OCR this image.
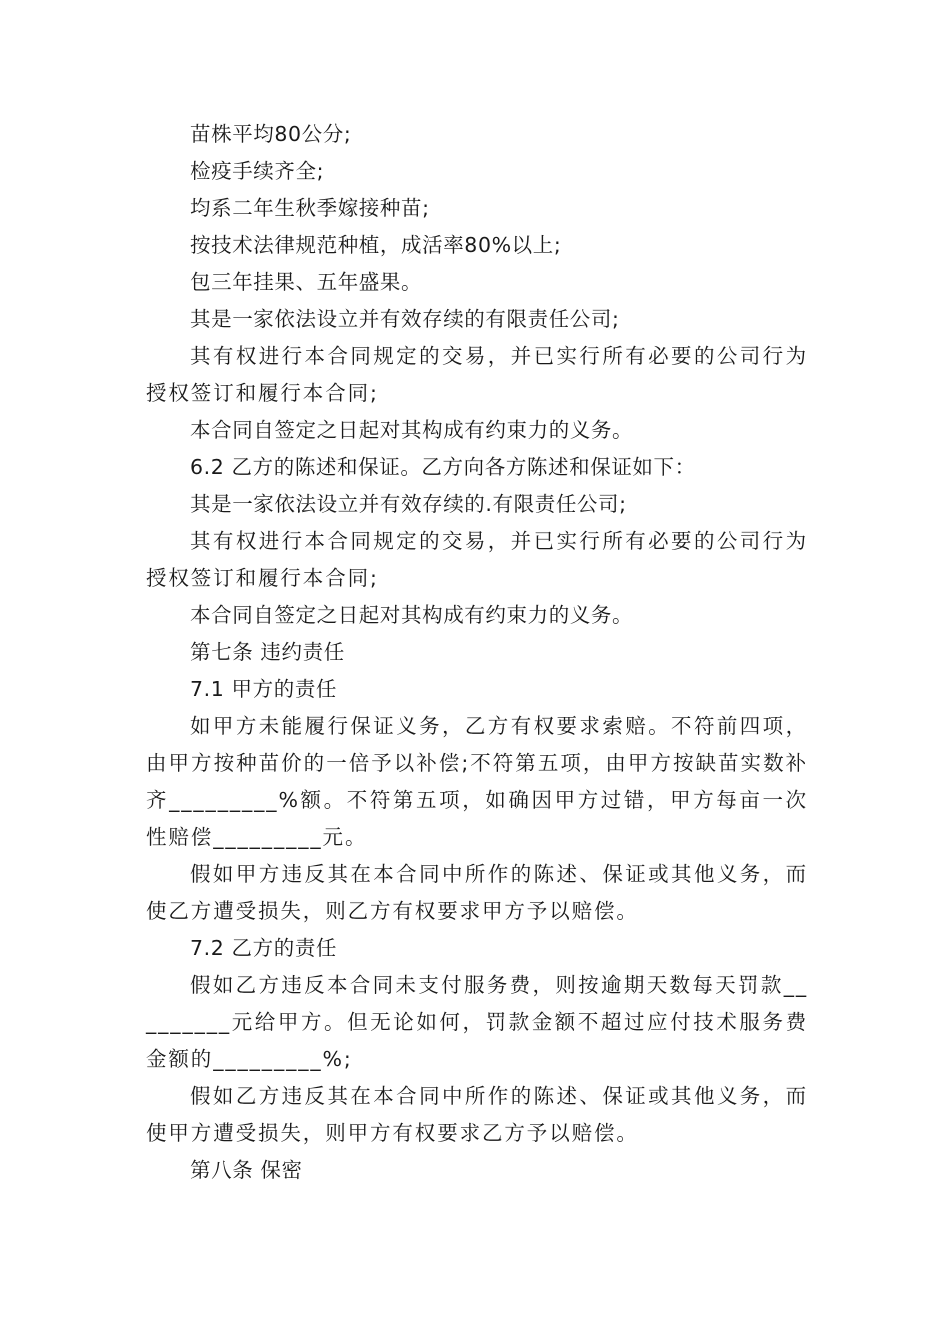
苗株平均80公分;

检疫手续齐全;

均系二年生秋季嫁接种苗;

按技术法律规范种植，成活率80%以上;

包三年挂果、五年盛果。

其是一家依法设立并有效存续的有限责任公司;

其有权进行本合同规定的交易，并已实行所有必要的公司行为授权签订和履行本合同;

本合同自签定之日起对其构成有约束力的义务。

6.2 乙方的陈述和保证。乙方向各方陈述和保证如下：

其是一家依法设立并有效存续的.有限责任公司;

其有权进行本合同规定的交易，并已实行所有必要的公司行为授权签订和履行本合同;

本合同自签定之日起对其构成有约束力的义务。

第七条 违约责任

7.1 甲方的责任

如甲方未能履行保证义务，乙方有权要求索赔。不符前四项，由甲方按种苗价的一倍予以补偿;不符第五项，由甲方按缺苗实数补齐_________%额。不符第五项，如确因甲方过错，甲方每亩一次性赔偿_________元。

假如甲方违反其在本合同中所作的陈述、保证或其他义务，而使乙方遭受损失，则乙方有权要求甲方予以赔偿。

7.2 乙方的责任

假如乙方违反本合同未支付服务费，则按逾期天数每天罚款_________元给甲方。但无论如何，罚款金额不超过应付技术服务费金额的_________%;

假如乙方违反其在本合同中所作的陈述、保证或其他义务，而使甲方遭受损失，则甲方有权要求乙方予以赔偿。

第八条 保密
